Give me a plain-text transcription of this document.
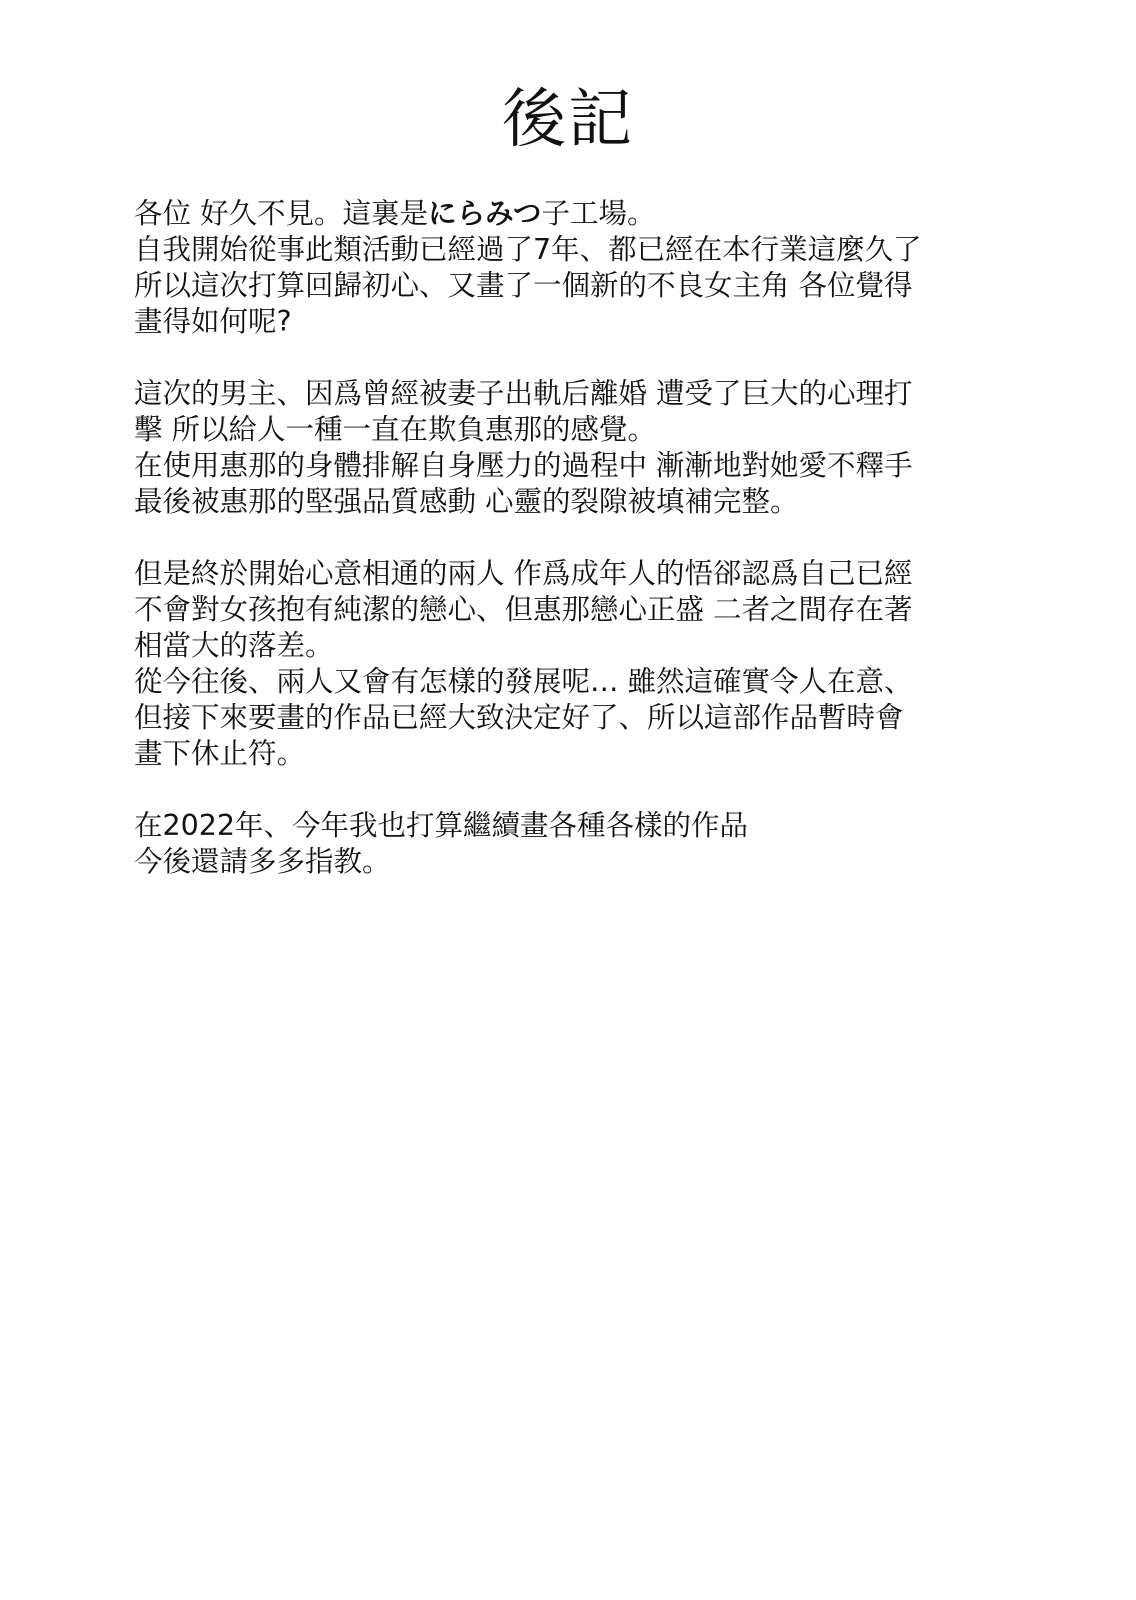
後記
各位 好久不見。這裏是にらみつ子工場。
自我開始從事此類活動已經過了7年、都已經在本行業這麼久了
所以這次打算回歸初心、又畫了一個新的不良女主角 各位覺得
畫得如何呢?
這次的男主、因爲曾經被妻子出軌后離婚 遭受了巨大的心理打
擊 所以給人一種一直在欺負惠那的感覺。
在使用惠那的身體排解自身壓力的過程中 漸漸地對她愛不釋手
最後被惠那的堅强品質感動 心靈的裂隙被填補完整。
但是終於開始心意相通的兩人 作爲成年人的悟郤認爲自己已經
不會對女孩抱有純潔的戀心、但惠那戀心正盛 二者之間存在著
相當大的落差。
從今往後、兩人又會有怎樣的發展呢… 雖然這確實令人在意、
但接下來要畫的作品已經大致決定好了、所以這部作品暫時會
畫下休止符。
在2022年、今年我也打算繼續畫各種各樣的作品
今後還請多多指教。
